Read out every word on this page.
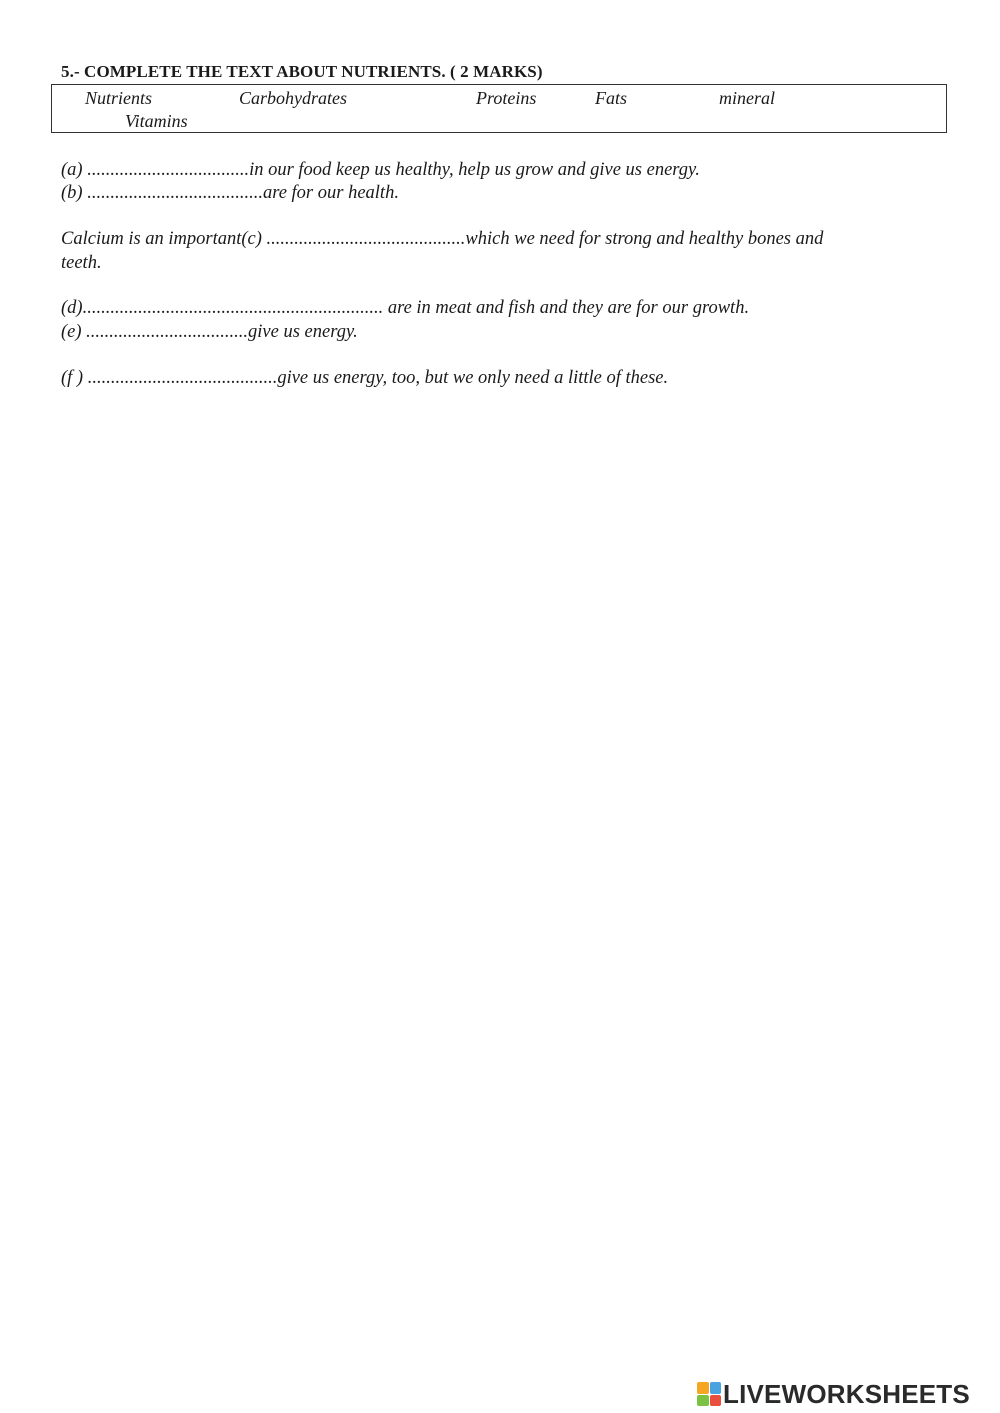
5.- COMPLETE THE TEXT ABOUT NUTRIENTS. ( 2 MARKS)
Nutrients	Carbohydrates	Proteins	Fats	mineral
Vitamins
(a) ...................................in our food keep us healthy, help us grow and give us energy.
(b) ......................................are for our health.
Calcium is an important(c) ...........................................which we need for strong and healthy bones and
teeth.
(d)................................................................. are in meat and fish and they are for our growth.
(e) ...................................give us energy.
(f ) .........................................give us energy, too, but we only need a little of these.
LIVEWORKSHEETS
